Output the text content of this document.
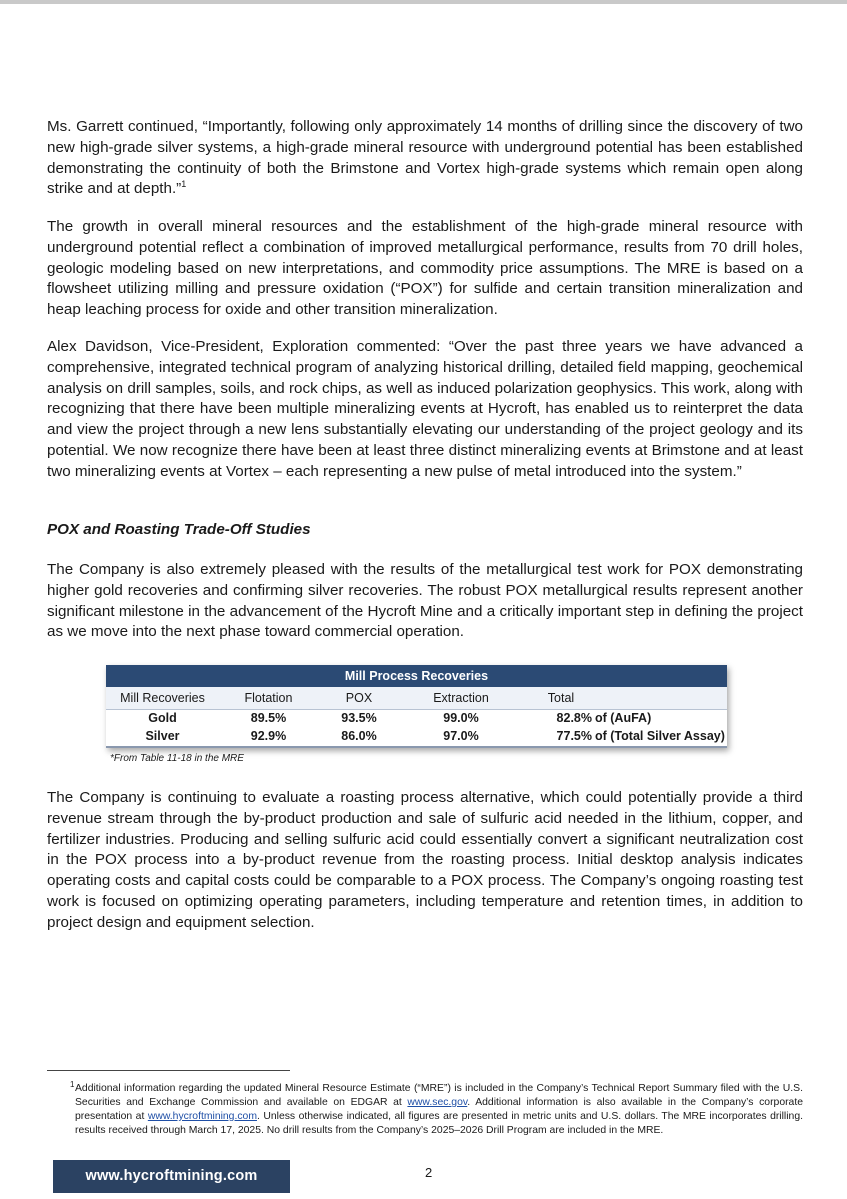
Ms. Garrett continued, “Importantly, following only approximately 14 months of drilling since the discovery of two new high-grade silver systems, a high-grade mineral resource with underground potential has been established demonstrating the continuity of both the Brimstone and Vortex high-grade systems which remain open along strike and at depth.”$^1$

The growth in overall mineral resources and the establishment of the high-grade mineral resource with underground potential reflect a combination of improved metallurgical performance, results from 70 drill holes, geologic modeling based on new interpretations, and commodity price assumptions. The MRE is based on a flowsheet utilizing milling and pressure oxidation (“POX”) for sulfide and certain transition mineralization and heap leaching process for oxide and other transition mineralization.

Alex Davidson, Vice-President, Exploration commented: “Over the past three years we have advanced a comprehensive, integrated technical program of analyzing historical drilling, detailed field mapping, geochemical analysis on drill samples, soils, and rock chips, as well as induced polarization geophysics. This work, along with recognizing that there have been multiple mineralizing events at Hycroft, has enabled us to reinterpret the data and view the project through a new lens substantially elevating our understanding of the project geology and its potential. We now recognize there have been at least three distinct mineralizing events at Brimstone and at least two mineralizing events at Vortex – each representing a new pulse of metal introduced into the system.”

POX and Roasting Trade-Off Studies

The Company is also extremely pleased with the results of the metallurgical test work for POX demonstrating higher gold recoveries and confirming silver recoveries. The robust POX metallurgical results represent another significant milestone in the advancement of the Hycroft Mine and a critically important step in defining the project as we move into the next phase toward commercial operation.

Mill Process Recoveries
Mill Recoveries	Flotation	POX	Extraction	Total
Gold	89.5%	93.5%	99.0%	82.8% of (AuFA)
Silver	92.9%	86.0%	97.0%	77.5% of (Total Silver Assay)

*From Table 11-18 in the MRE

The Company is continuing to evaluate a roasting process alternative, which could potentially provide a third revenue stream through the by-product production and sale of sulfuric acid needed in the lithium, copper, and fertilizer industries. Producing and selling sulfuric acid could essentially convert a significant neutralization cost in the POX process into a by-product revenue from the roasting process. Initial desktop analysis indicates operating costs and capital costs could be comparable to a POX process. The Company’s ongoing roasting test work is focused on optimizing operating parameters, including temperature and retention times, in addition to project design and equipment selection.

1 Additional information regarding the updated Mineral Resource Estimate (“MRE”) is included in the Company’s Technical Report Summary filed with the U.S. Securities and Exchange Commission and available on EDGAR at www.sec.gov. Additional information is also available in the Company’s corporate presentation at www.hycroftmining.com. Unless otherwise indicated, all figures are presented in metric units and U.S. dollars. The MRE incorporates drilling. results received through March 17, 2025. No drill results from the Company’s 2025–2026 Drill Program are included in the MRE.

www.hycroftmining.com	2
